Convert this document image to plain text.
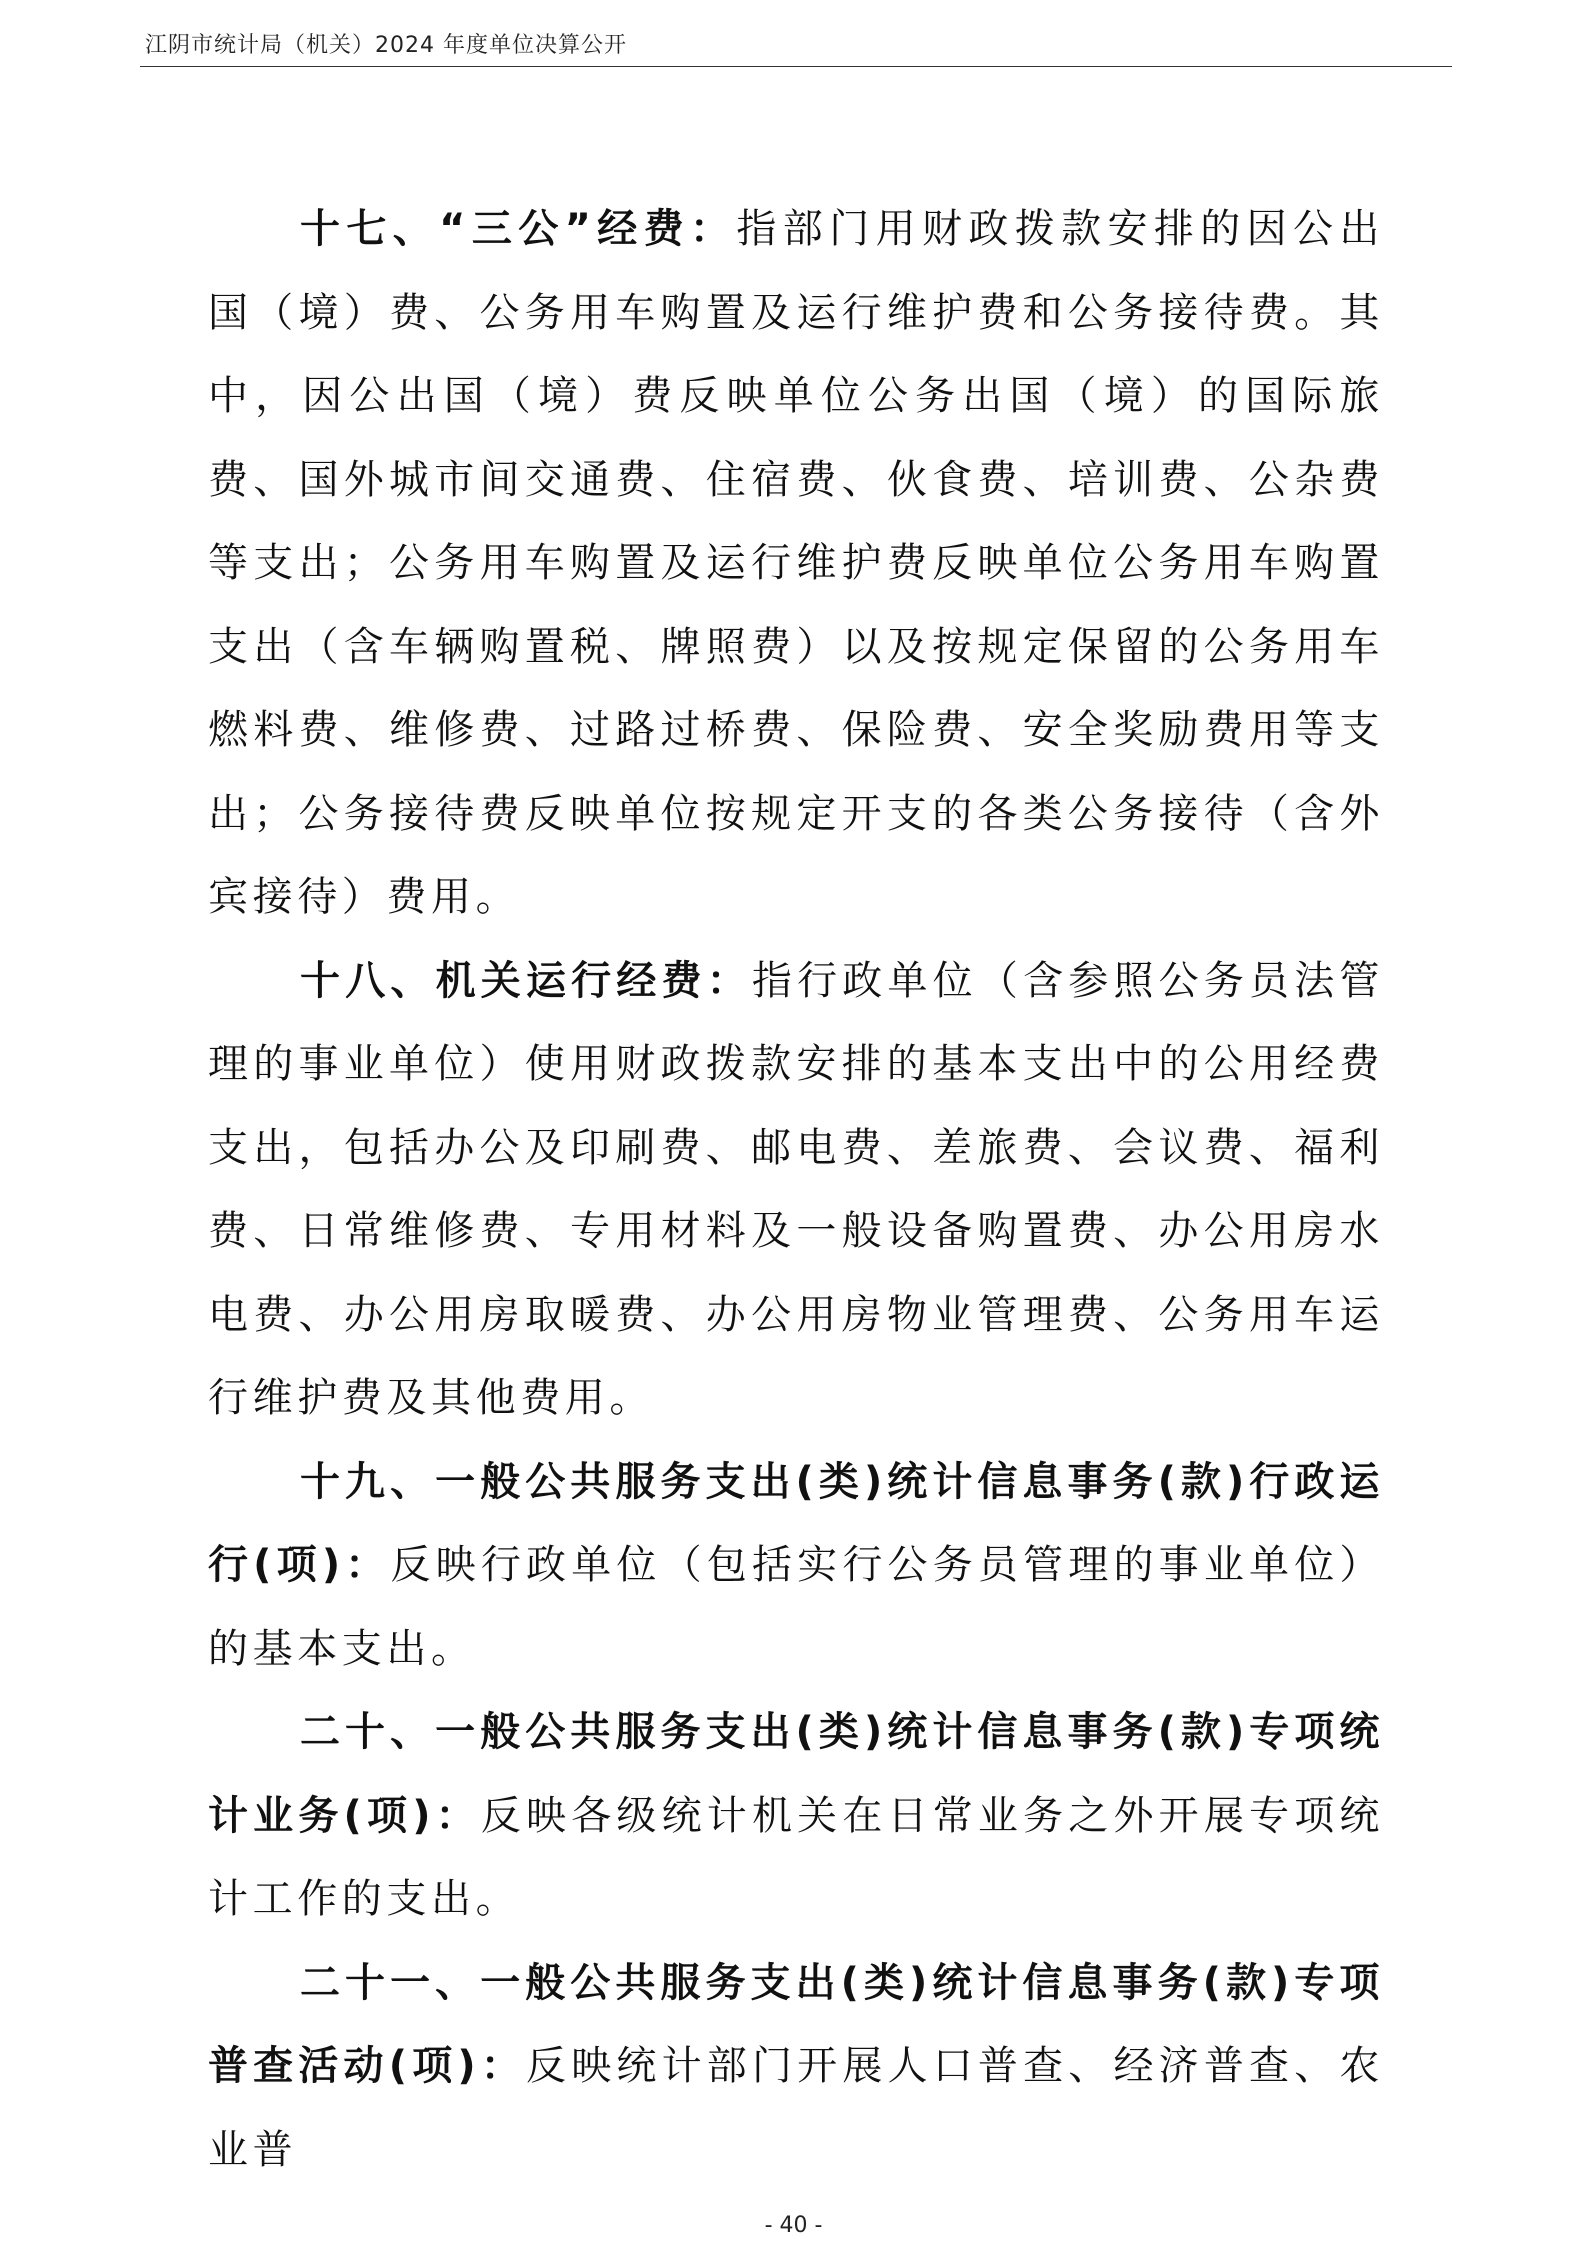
江阴市统计局（机关）2024 年度单位决算公开

十七、“三公”经费：指部门用财政拨款安排的因公出国（境）费、公务用车购置及运行维护费和公务接待费。其中，因公出国（境）费反映单位公务出国（境）的国际旅费、国外城市间交通费、住宿费、伙食费、培训费、公杂费等支出；公务用车购置及运行维护费反映单位公务用车购置支出（含车辆购置税、牌照费）以及按规定保留的公务用车燃料费、维修费、过路过桥费、保险费、安全奖励费用等支出；公务接待费反映单位按规定开支的各类公务接待（含外宾接待）费用。

十八、机关运行经费：指行政单位（含参照公务员法管理的事业单位）使用财政拨款安排的基本支出中的公用经费支出，包括办公及印刷费、邮电费、差旅费、会议费、福利费、日常维修费、专用材料及一般设备购置费、办公用房水电费、办公用房取暖费、办公用房物业管理费、公务用车运行维护费及其他费用。

十九、一般公共服务支出(类)统计信息事务(款)行政运行(项)：反映行政单位（包括实行公务员管理的事业单位）的基本支出。

二十、一般公共服务支出(类)统计信息事务(款)专项统计业务(项)：反映各级统计机关在日常业务之外开展专项统计工作的支出。

二十一、一般公共服务支出(类)统计信息事务(款)专项普查活动(项)：反映统计部门开展人口普查、经济普查、农业普

- 40 -
